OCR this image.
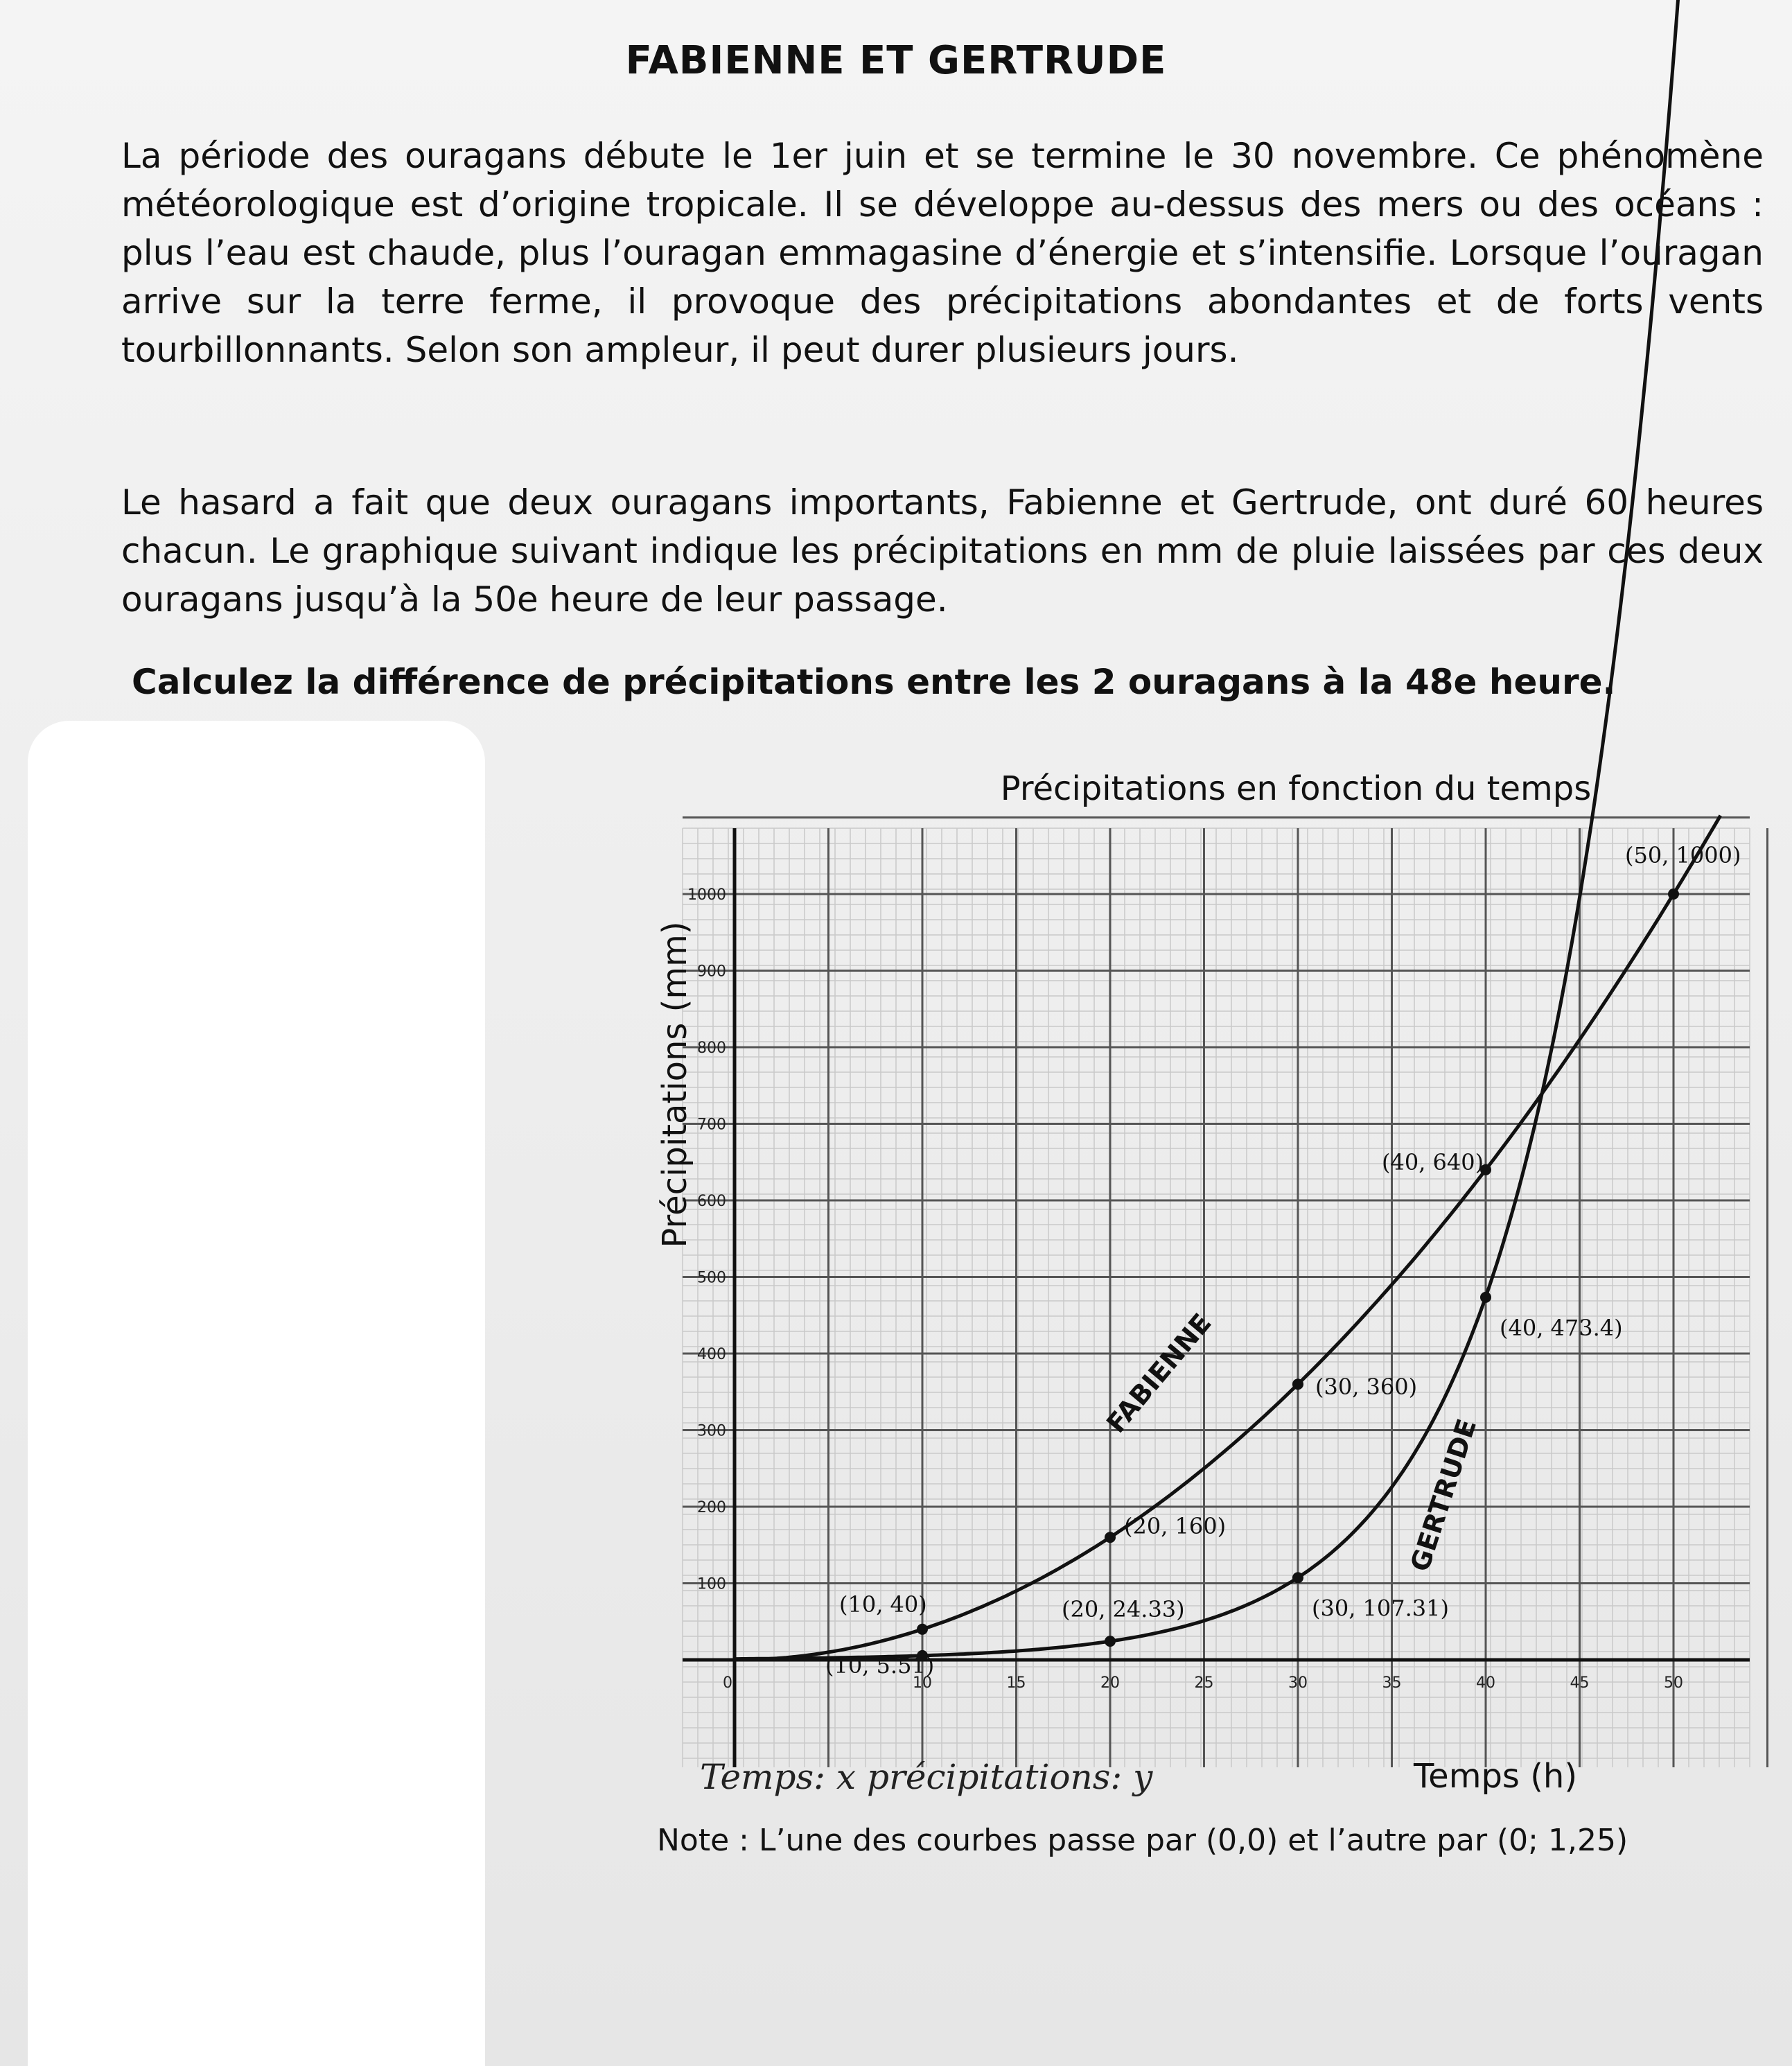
FABIENNE ET GERTRUDE

La période des ouragans débute le 1er juin et se termine le 30 novembre. Ce phénomène météorologique est d’origine tropicale. Il se développe au-dessus des mers ou des océans : plus l’eau est chaude, plus l’ouragan emmagasine d’énergie et s’intensifie. Lorsque l’ouragan arrive sur la terre ferme, il provoque des précipitations abondantes et de forts vents tourbillonnants. Selon son ampleur, il peut durer plusieurs jours.

Le hasard a fait que deux ouragans importants, Fabienne et Gertrude, ont duré 60 heures chacun. Le graphique suivant indique les précipitations en mm de pluie laissées par ces deux ouragans jusqu’à la 50e heure de leur passage.

Calculez la différence de précipitations entre les 2 ouragans à la 48e heure.
Précipitations en fonction du temps
100
200
300
400
500
600
700
800
900
1000
0	10	15	20	25	30	35	40	45	50
Précipitations (mm)
(10, 40)
(20, 160)
(30, 360)
(40, 640)
(50, 1000)
(10, 5.51)
(20, 24.33)	(30, 107.31)
(40, 473.4)
FABIENNE
GERTRUDE
Temps: x précipitations: y	Temps (h)
Note : L’une des courbes passe par (0,0) et l’autre par (0; 1,25)
